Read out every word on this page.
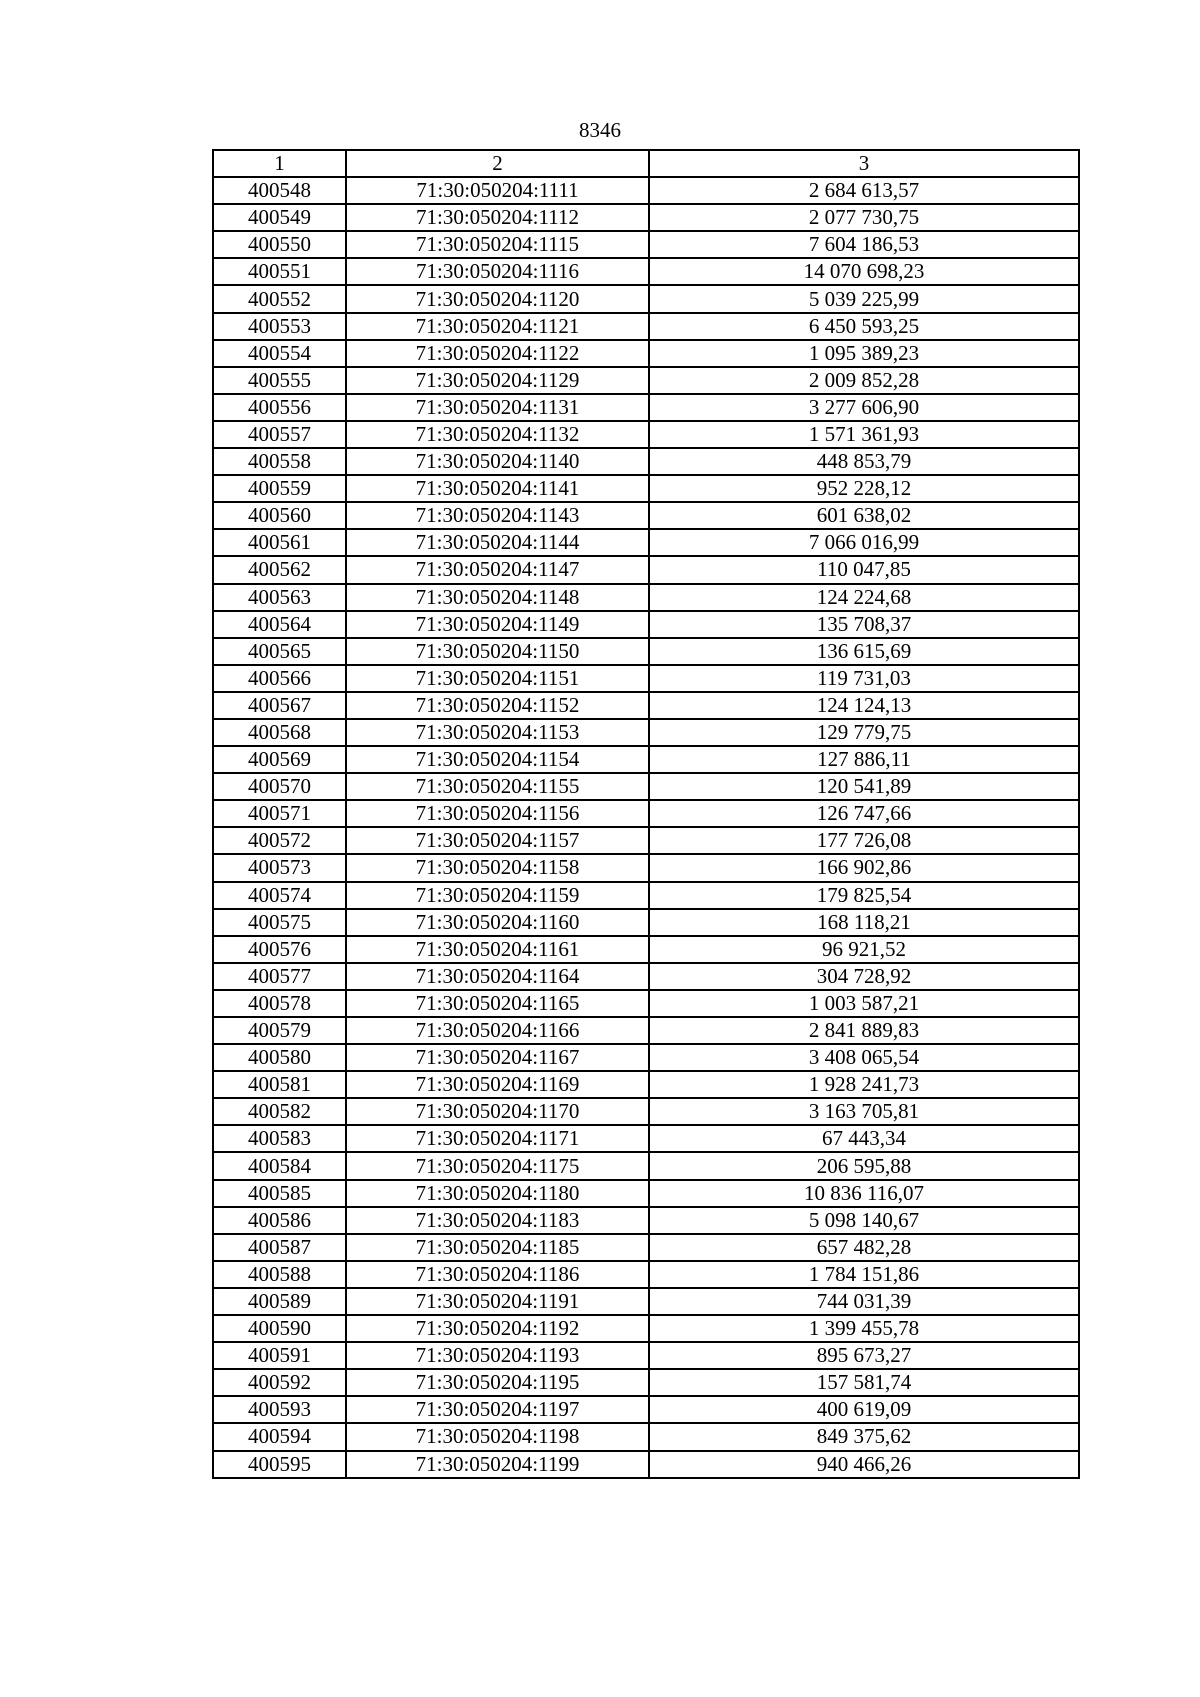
8346
1	2	3
400548	71:30:050204:1111	2 684 613,57
400549	71:30:050204:1112	2 077 730,75
400550	71:30:050204:1115	7 604 186,53
400551	71:30:050204:1116	14 070 698,23
400552	71:30:050204:1120	5 039 225,99
400553	71:30:050204:1121	6 450 593,25
400554	71:30:050204:1122	1 095 389,23
400555	71:30:050204:1129	2 009 852,28
400556	71:30:050204:1131	3 277 606,90
400557	71:30:050204:1132	1 571 361,93
400558	71:30:050204:1140	448 853,79
400559	71:30:050204:1141	952 228,12
400560	71:30:050204:1143	601 638,02
400561	71:30:050204:1144	7 066 016,99
400562	71:30:050204:1147	110 047,85
400563	71:30:050204:1148	124 224,68
400564	71:30:050204:1149	135 708,37
400565	71:30:050204:1150	136 615,69
400566	71:30:050204:1151	119 731,03
400567	71:30:050204:1152	124 124,13
400568	71:30:050204:1153	129 779,75
400569	71:30:050204:1154	127 886,11
400570	71:30:050204:1155	120 541,89
400571	71:30:050204:1156	126 747,66
400572	71:30:050204:1157	177 726,08
400573	71:30:050204:1158	166 902,86
400574	71:30:050204:1159	179 825,54
400575	71:30:050204:1160	168 118,21
400576	71:30:050204:1161	96 921,52
400577	71:30:050204:1164	304 728,92
400578	71:30:050204:1165	1 003 587,21
400579	71:30:050204:1166	2 841 889,83
400580	71:30:050204:1167	3 408 065,54
400581	71:30:050204:1169	1 928 241,73
400582	71:30:050204:1170	3 163 705,81
400583	71:30:050204:1171	67 443,34
400584	71:30:050204:1175	206 595,88
400585	71:30:050204:1180	10 836 116,07
400586	71:30:050204:1183	5 098 140,67
400587	71:30:050204:1185	657 482,28
400588	71:30:050204:1186	1 784 151,86
400589	71:30:050204:1191	744 031,39
400590	71:30:050204:1192	1 399 455,78
400591	71:30:050204:1193	895 673,27
400592	71:30:050204:1195	157 581,74
400593	71:30:050204:1197	400 619,09
400594	71:30:050204:1198	849 375,62
400595	71:30:050204:1199	940 466,26
